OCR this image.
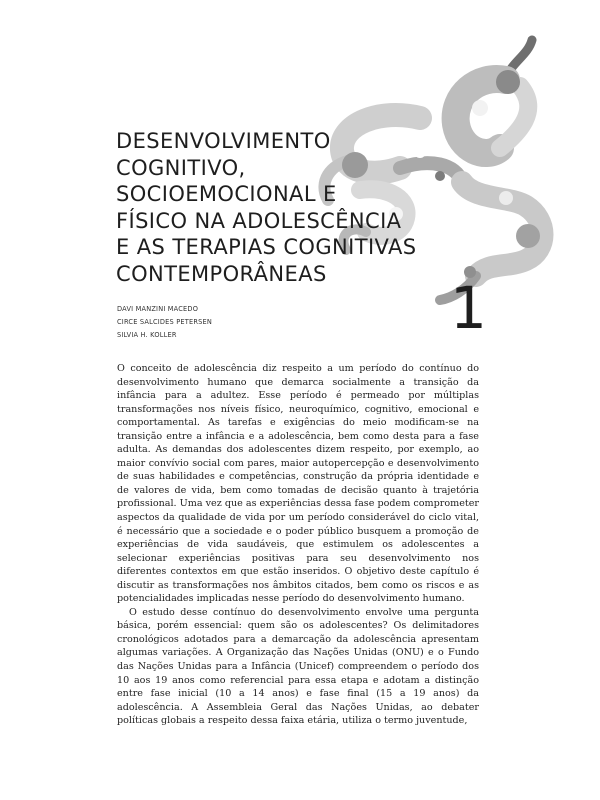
DESENVOLVIMENTO
COGNITIVO,
SOCIOEMOCIONAL E
FÍSICO NA ADOLESCÊNCIA
E AS TERAPIAS COGNITIVAS
CONTEMPORÂNEAS
DAVI MANZINI MACEDO
CIRCE SALCIDES PETERSEN
SILVIA H. KOLLER	1

O conceito de adolescência diz respeito a um período do contínuo do desenvolvimento humano que demarca socialmente a transição da infância para a adultez. Esse período é permeado por múltiplas transformações nos níveis físico, neuroquímico, cognitivo, emocional e comportamental. As tarefas e exigências do meio modificam-se na transição entre a infância e a adolescência, bem como desta para a fase adulta. As demandas dos adolescentes dizem respeito, por exemplo, ao maior convívio social com pares, maior autopercepção e desenvolvimento de suas habilidades e competências, construção da própria identidade e de valores de vida, bem como tomadas de decisão quanto à trajetória profissional. Uma vez que as experiências dessa fase podem comprometer aspectos da qualidade de vida por um período considerável do ciclo vital, é necessário que a sociedade e o poder público busquem a promoção de experiências de vida saudáveis, que estimulem os adolescentes a selecionar experiências positivas para seu desenvolvimento nos diferentes contextos em que estão inseridos. O objetivo deste capítulo é discutir as transformações nos âmbitos citados, bem como os riscos e as potencialidades implicadas nesse período do desenvolvimento humano.

O estudo desse contínuo do desenvolvimento envolve uma pergunta básica, porém essencial: quem são os adolescentes? Os delimitadores cronológicos adotados para a demarcação da adolescência apresentam algumas variações. A Organização das Nações Unidas (ONU) e o Fundo das Nações Unidas para a Infância (Unicef) compreendem o período dos 10 aos 19 anos como referencial para essa etapa e adotam a distinção entre fase inicial (10 a 14 anos) e fase final (15 a 19 anos) da adolescência. A Assembleia Geral das Nações Unidas, ao debater políticas globais a respeito dessa faixa etária, utiliza o termo juventude,
